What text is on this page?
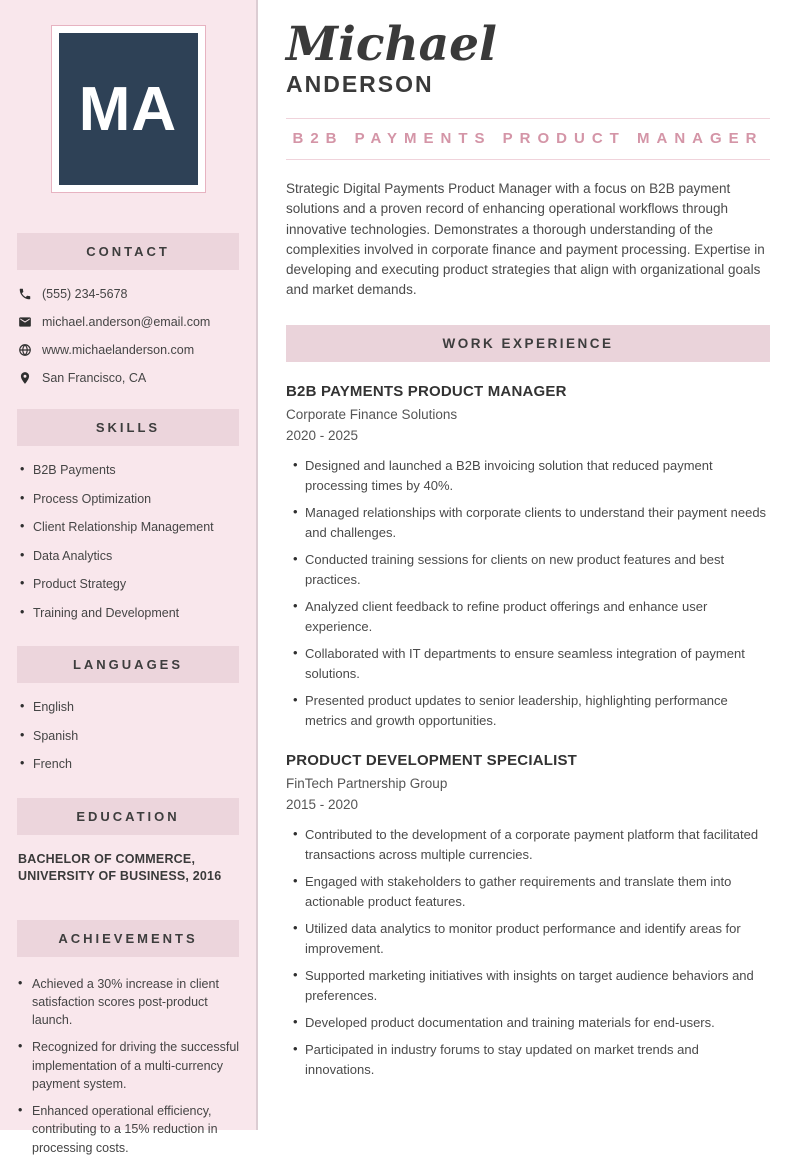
MA
CONTACT
(555) 234-5678
michael.anderson@email.com
www.michaelanderson.com
San Francisco, CA
SKILLS
• B2B Payments
• Process Optimization
• Client Relationship Management
• Data Analytics
• Product Strategy
• Training and Development
LANGUAGES
• English
• Spanish
• French
EDUCATION
BACHELOR OF COMMERCE, UNIVERSITY OF BUSINESS, 2016
ACHIEVEMENTS
• Achieved a 30% increase in client satisfaction scores post-product launch.
• Recognized for driving the successful implementation of a multi-currency payment system.
• Enhanced operational efficiency, contributing to a 15% reduction in processing costs.
Michael
ANDERSON
B2B PAYMENTS PRODUCT MANAGER

Strategic Digital Payments Product Manager with a focus on B2B payment solutions and a proven record of enhancing operational workflows through innovative technologies. Demonstrates a thorough understanding of the complexities involved in corporate finance and payment processing. Expertise in developing and executing product strategies that align with organizational goals and market demands.

WORK EXPERIENCE
B2B PAYMENTS PRODUCT MANAGER
Corporate Finance Solutions
2020 - 2025
• Designed and launched a B2B invoicing solution that reduced payment processing times by 40%.
• Managed relationships with corporate clients to understand their payment needs and challenges.
• Conducted training sessions for clients on new product features and best practices.
• Analyzed client feedback to refine product offerings and enhance user experience.
• Collaborated with IT departments to ensure seamless integration of payment solutions.
• Presented product updates to senior leadership, highlighting performance metrics and growth opportunities.
PRODUCT DEVELOPMENT SPECIALIST
FinTech Partnership Group
2015 - 2020
• Contributed to the development of a corporate payment platform that facilitated transactions across multiple currencies.
• Engaged with stakeholders to gather requirements and translate them into actionable product features.
• Utilized data analytics to monitor product performance and identify areas for improvement.
• Supported marketing initiatives with insights on target audience behaviors and preferences.
• Developed product documentation and training materials for end-users.
• Participated in industry forums to stay updated on market trends and innovations.
